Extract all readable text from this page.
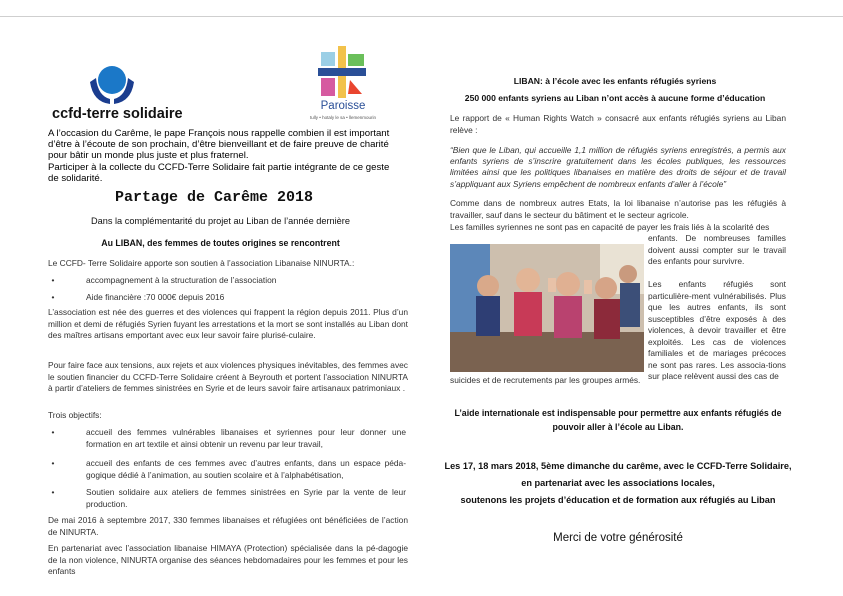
ccfd-terre solidaire	Paroisse
tully • hotaly le sa • llemenmourin
A l’occasion du Carême, le pape François nous rappelle combien il est important d’être à l’écoute de son prochain, d’être bienveillant et de faire preuve de charité pour bâtir un monde plus juste et plus fraternel.
Participer à la collecte du CCFD-Terre Solidaire fait partie intégrante de ce geste de solidarité.
Partage de Carême 2018
Dans la complémentarité du projet au Liban de l’année dernière
Au LIBAN, des femmes de toutes origines se rencontrent
Le CCFD- Terre Solidaire apporte son soutien à l’association Libanaise NINURTA.:
•	accompagnement à la structuration de l’association
•	Aide financière :70 000€ depuis 2016
L’association est née des guerres et des violences qui frappent la région depuis 2011. Plus d’un million et demi de réfugiés Syrien fuyant les arrestations et la mort se sont installés au Liban dont des maîtres artisans emportant avec eux leur savoir faire plurisé-culaire.
Pour faire face aux tensions, aux rejets et aux violences physiques inévitables, des femmes avec le soutien financier du CCFD-Terre Solidaire créent à Beyrouth et portent l’association NINURTA à partir d’ateliers de femmes sinistrées en Syrie et de leurs savoir faire artisanaux patrimoniaux .
Trois objectifs:
•	accueil des femmes vulnérables libanaises et syriennes pour leur donner une formation en art textile et ainsi obtenir un revenu par leur travail,
•	accueil des enfants de ces femmes avec d’autres enfants, dans un espace péda-gogique dédié à l’animation, au soutien scolaire et à l’alphabétisation,
•	Soutien solidaire aux ateliers de femmes sinistrées en Syrie par la vente de leur production.
De mai 2016 à septembre 2017, 330 femmes libanaises et réfugiées ont bénéficiées de l’action de NINURTA.
En partenariat avec l’association libanaise HIMAYA (Protection) spécialisée dans la pé-dagogie de la non violence, NINURTA organise des séances hebdomadaires pour les femmes et pour les enfants
LIBAN: à l’école avec les enfants réfugiés syriens
250 000 enfants syriens au Liban n’ont accès à aucune forme d’éducation
Le rapport de « Human Rights Watch » consacré aux enfants réfugiés syriens au Liban relève :
“Bien que le Liban, qui accueille 1,1 million de réfugiés syriens enregistrés, a permis aux enfants syriens de s’inscrire gratuitement dans les écoles publiques, les ressources limitées ainsi que les politiques libanaises en matière des droits de séjour et de travail s’appliquant aux Syriens empêchent de nombreux enfants d’aller à l’école”
Comme dans de nombreux autres Etats, la loi libanaise n’autorise pas les réfugiés à travailler, sauf dans le secteur du bâtiment et le secteur agricole.
Les familles syriennes ne sont pas en capacité de payer les frais liés à la scolarité des
enfants. De nombreuses familles doivent aussi compter sur le travail des enfants pour survivre.
Les enfants réfugiés sont particulière-ment vulnérabilisés. Plus que les autres enfants, ils sont susceptibles d’être exposés à des violences, à devoir travailler et être exploités. Les cas de violences familiales et de mariages précoces ne sont pas rares. Les associa-tions sur place relèvent aussi des cas de
suicides et de recrutements par les groupes armés.
L’aide internationale est indispensable pour permettre aux enfants réfugiés de pouvoir aller à l’école au Liban.
Les 17, 18 mars 2018, 5ème dimanche du carême, avec le CCFD-Terre Solidaire,
en partenariat avec les associations locales,
soutenons les projets d’éducation et de formation aux réfugiés au Liban
Merci de votre générosité
